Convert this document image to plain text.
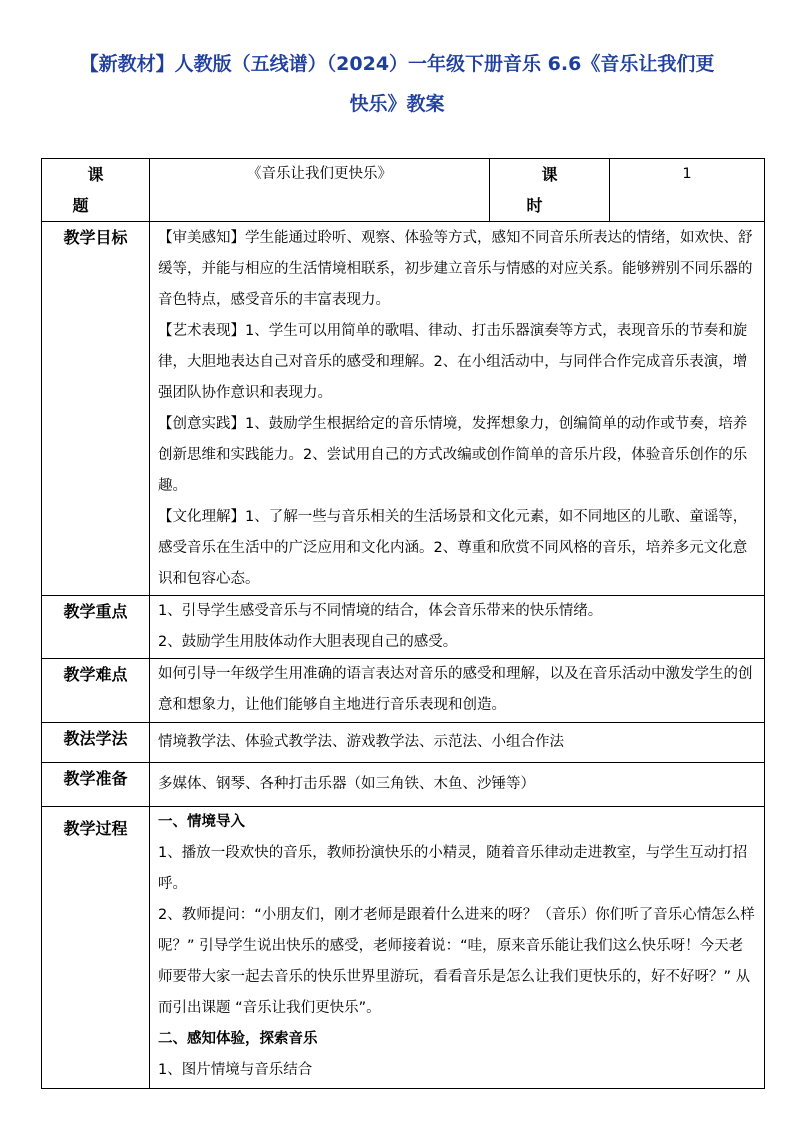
【新教材】人教版（五线谱）（2024）一年级下册音乐 6.6《音乐让我们更
快乐》教案
课题	《音乐让我们更快乐》	课时	1
教学目标	【审美感知】学生能通过聆听、观察、体验等方式，感知不同音乐所表达的情绪，如欢快、舒缓等，并能与相应的生活情境相联系，初步建立音乐与情感的对应关系。能够辨别不同乐器的音色特点，感受音乐的丰富表现力。

【艺术表现】1、学生可以用简单的歌唱、律动、打击乐器演奏等方式，表现音乐的节奏和旋律，大胆地表达自己对音乐的感受和理解。2、在小组活动中，与同伴合作完成音乐表演，增强团队协作意识和表现力。

【创意实践】1、鼓励学生根据给定的音乐情境，发挥想象力，创编简单的动作或节奏，培养创新思维和实践能力。2、尝试用自己的方式改编或创作简单的音乐片段，体验音乐创作的乐趣。

【文化理解】1、了解一些与音乐相关的生活场景和文化元素，如不同地区的儿歌、童谣等，感受音乐在生活中的广泛应用和文化内涵。2、尊重和欣赏不同风格的音乐，培养多元文化意识和包容心态。		

教学重点	1、引导学生感受音乐与不同情境的结合，体会音乐带来的快乐情绪。

2、鼓励学生用肢体动作大胆表现自己的感受。		

教学难点	如何引导一年级学生用准确的语言表达对音乐的感受和理解，以及在音乐活动中激发学生的创意和想象力，让他们能够自主地进行音乐表现和创造。		
教法学法	情境教学法、体验式教学法、游戏教学法、示范法、小组合作法		
教学准备	多媒体、钢琴、各种打击乐器（如三角铁、木鱼、沙锤等）		
教学过程	一、情境导入

1、播放一段欢快的音乐，教师扮演快乐的小精灵，随着音乐律动走进教室，与学生互动打招呼。

2、教师提问：“小朋友们，刚才老师是跟着什么进来的呀？（音乐）你们听了音乐心情怎么样呢？” 引导学生说出快乐的感受，老师接着说：“哇，原来音乐能让我们这么快乐呀！今天老师要带大家一起去音乐的快乐世界里游玩，看看音乐是怎么让我们更快乐的，好不好呀？” 从而引出课题 “音乐让我们更快乐”。

二、感知体验，探索音乐

1、图片情境与音乐结合		
